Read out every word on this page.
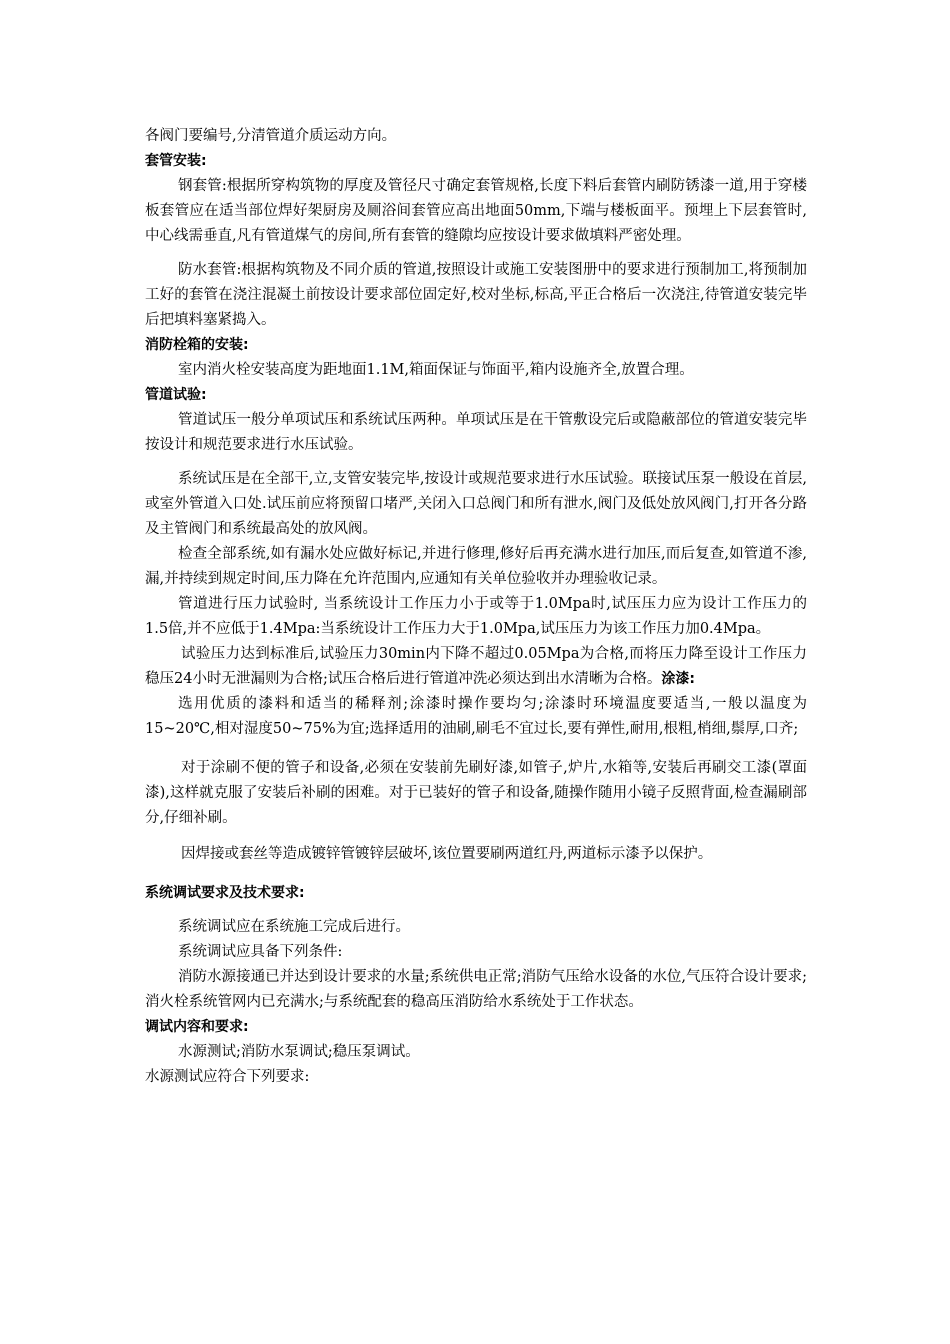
各阀门要编号,分清管道介质运动方向。

套管安装:

钢套管:根据所穿构筑物的厚度及管径尺寸确定套管规格,长度下料后套管内刷防锈漆一道,用于穿楼板套管应在适当部位焊好架厨房及厕浴间套管应高出地面50mm,下端与楼板面平。预埋上下层套管时,中心线需垂直,凡有管道煤气的房间,所有套管的缝隙均应按设计要求做填料严密处理。

防水套管:根据构筑物及不同介质的管道,按照设计或施工安装图册中的要求进行预制加工,将预制加工好的套管在浇注混凝土前按设计要求部位固定好,校对坐标,标高,平正合格后一次浇注,待管道安装完毕后把填料塞紧捣入。

消防栓箱的安装:

室内消火栓安装高度为距地面1.1M,箱面保证与饰面平,箱内设施齐全,放置合理。

管道试验:

管道试压一般分单项试压和系统试压两种。单项试压是在干管敷设完后或隐蔽部位的管道安装完毕按设计和规范要求进行水压试验。

系统试压是在全部干,立,支管安装完毕,按设计或规范要求进行水压试验。联接试压泵一般设在首层,或室外管道入口处.试压前应将预留口堵严,关闭入口总阀门和所有泄水,阀门及低处放风阀门,打开各分路及主管阀门和系统最高处的放风阀。

检查全部系统,如有漏水处应做好标记,并进行修理,修好后再充满水进行加压,而后复查,如管道不渗,漏,并持续到规定时间,压力降在允许范围内,应通知有关单位验收并办理验收记录。

管道进行压力试验时, 当系统设计工作压力小于或等于1.0Mpa时,试压压力应为设计工作压力的1.5倍,并不应低于1.4Mpa:当系统设计工作压力大于1.0Mpa,试压压力为该工作压力加0.4Mpa。

试验压力达到标准后,试验压力30min内下降不超过0.05Mpa为合格,而将压力降至设计工作压力稳压24小时无泄漏则为合格;试压合格后进行管道冲洗必须达到出水清晰为合格。涂漆:

选用优质的漆料和适当的稀释剂;涂漆时操作要均匀;涂漆时环境温度要适当,一般以温度为15~20℃,相对湿度50~75%为宜;选择适用的油刷,刷毛不宜过长,要有弹性,耐用,根粗,梢细,鬃厚,口齐;

对于涂刷不便的管子和设备,必须在安装前先刷好漆,如管子,炉片,水箱等,安装后再刷交工漆(罩面漆),这样就克服了安装后补刷的困难。对于已装好的管子和设备,随操作随用小镜子反照背面,检查漏刷部分,仔细补刷。

因焊接或套丝等造成镀锌管镀锌层破坏,该位置要刷两道红丹,两道标示漆予以保护。

系统调试要求及技术要求:

系统调试应在系统施工完成后进行。

系统调试应具备下列条件:

消防水源接通已并达到设计要求的水量;系统供电正常;消防气压给水设备的水位,气压符合设计要求;消火栓系统管网内已充满水;与系统配套的稳高压消防给水系统处于工作状态。

调试内容和要求:

水源测试;消防水泵调试;稳压泵调试。

水源测试应符合下列要求:
